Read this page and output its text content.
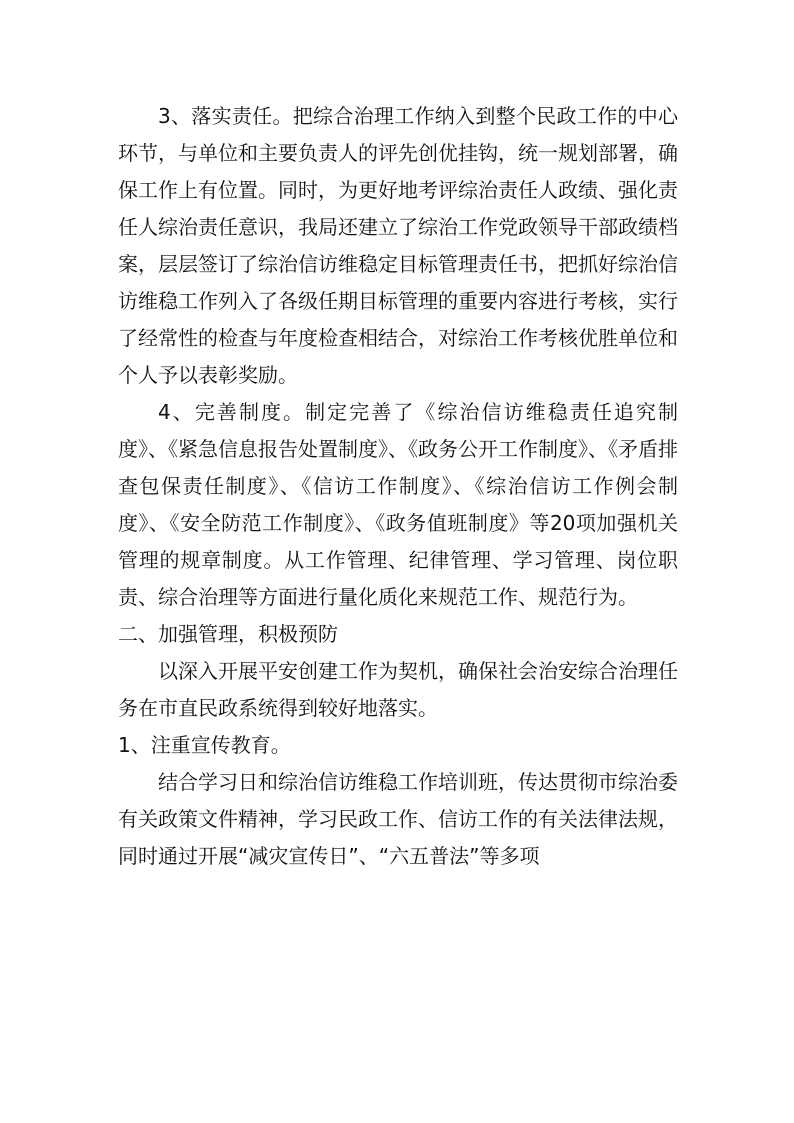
3、落实责任。把综合治理工作纳入到整个民政工作的中心环节，与单位和主要负责人的评先创优挂钩，统一规划部署，确保工作上有位置。同时，为更好地考评综治责任人政绩、强化责任人综治责任意识，我局还建立了综治工作党政领导干部政绩档案，层层签订了综治信访维稳定目标管理责任书，把抓好综治信访维稳工作列入了各级任期目标管理的重要内容进行考核，实行了经常性的检查与年度检查相结合，对综治工作考核优胜单位和个人予以表彰奖励。

4、完善制度。制定完善了《综治信访维稳责任追究制度》、《紧急信息报告处置制度》、《政务公开工作制度》、《矛盾排查包保责任制度》、《信访工作制度》、《综治信访工作例会制度》、《安全防范工作制度》、《政务值班制度》等20项加强机关管理的规章制度。从工作管理、纪律管理、学习管理、岗位职责、综合治理等方面进行量化质化来规范工作、规范行为。

二、加强管理，积极预防

以深入开展平安创建工作为契机，确保社会治安综合治理任务在市直民政系统得到较好地落实。

1、注重宣传教育。

结合学习日和综治信访维稳工作培训班，传达贯彻市综治委有关政策文件精神，学习民政工作、信访工作的有关法律法规，同时通过开展“减灾宣传日”、“六五普法”等多项
